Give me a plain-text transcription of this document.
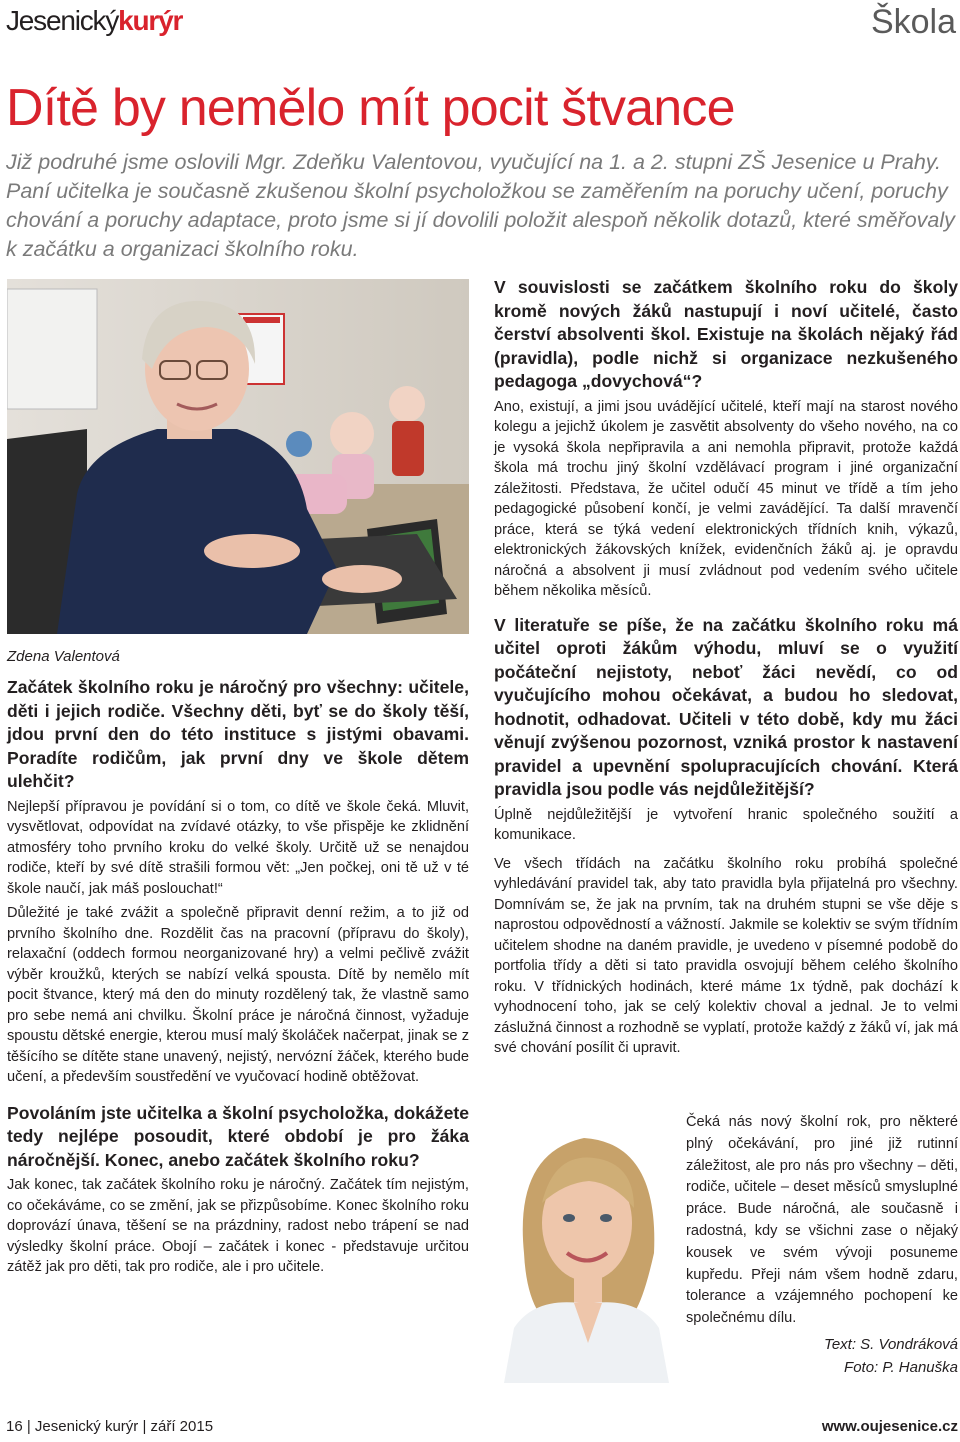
Jesenickýkurýr	Škola
Dítě by nemělo mít pocit štvance

Již podruhé jsme oslovili Mgr. Zdeňku Valentovou, vyučující na 1. a 2. stupni ZŠ Jesenice u Prahy. Paní učitelka je současně zkušenou školní psycholožkou se zaměřením na poruchy učení, poruchy chování a poruchy adaptace, proto jsme si jí dovolili položit alespoň několik dotazů, které směřovaly k začátku a organizaci školního roku.

Zdena Valentová
Začátek školního roku je náročný pro všechny: učitele, děti i jejich rodiče. Všechny děti, byť se do školy těší, jdou první den do této instituce s jistými obavami. Poradíte rodičům, jak první dny ve škole dětem ulehčit?

Nejlepší přípravou je povídání si o tom, co dítě ve škole čeká. Mluvit, vysvětlovat, odpovídat na zvídavé otázky, to vše přispěje ke zklidnění atmosféry toho prvního kroku do velké školy. Určitě už se nenajdou rodiče, kteří by své dítě strašili formou vět: „Jen počkej, oni tě už v té škole naučí, jak máš poslouchat!“

Důležité je také zvážit a společně připravit denní režim, a to již od prvního školního dne. Rozdělit čas na pracovní (přípravu do školy), relaxační (oddech formou neorganizované hry) a velmi pečlivě zvážit výběr kroužků, kterých se nabízí velká spousta. Dítě by nemělo mít pocit štvance, který má den do minuty rozdělený tak, že vlastně samo pro sebe nemá ani chvilku. Školní práce je náročná činnost, vyžaduje spoustu dětské energie, kterou musí malý školáček načerpat, jinak se z těšícího se dítěte stane unavený, nejistý, nervózní žáček, kterého bude učení, a především soustředění ve vyučovací hodině obtěžovat.

Povoláním jste učitelka a školní psycholožka, dokážete tedy nejlépe posoudit, které období je pro žáka náročnější. Konec, anebo začátek školního roku?

Jak konec, tak začátek školního roku je náročný. Začátek tím nejistým, co očekáváme, co se změní, jak se přizpůsobíme. Konec školního roku doprovází únava, těšení se na prázdniny, radost nebo trápení se nad výsledky školní práce. Obojí – začátek i konec - představuje určitou zátěž jak pro děti, tak pro rodiče, ale i pro učitele.

V souvislosti se začátkem školního roku do školy kromě nových žáků nastupují i noví učitelé, často čerství absolventi škol. Existuje na školách nějaký řád (pravidla), podle nichž si organizace nezkušeného pedagoga „dovychová“?

Ano, existují, a jimi jsou uvádějící učitelé, kteří mají na starost nového kolegu a jejichž úkolem je zasvětit absolventy do všeho nového, na co je vysoká škola nepřipravila a ani nemohla připravit, protože každá škola má trochu jiný školní vzdělávací program i jiné organizační záležitosti. Představa, že učitel odučí 45 minut ve třídě a tím jeho pedagogické působení končí, je velmi zavádějící. Ta další mravenčí práce, která se týká vedení elektronických třídních knih, výkazů, elektronických žákovských knížek, evidenčních žáků aj. je opravdu náročná a absolvent ji musí zvládnout pod vedením svého učitele během několika měsíců.

V literatuře se píše, že na začátku školního roku má učitel oproti žákům výhodu, mluví se o využití počáteční nejistoty, neboť žáci nevědí, co od vyučujícího mohou očekávat, a budou ho sledovat, hodnotit, odhadovat. Učiteli v této době, kdy mu žáci věnují zvýšenou pozornost, vzniká prostor k nastavení pravidel a upevnění spolupracujících chování. Která pravidla jsou podle vás nejdůležitější?

Úplně nejdůležitější je vytvoření hranic společného soužití a komunikace.

Ve všech třídách na začátku školního roku probíhá společné vyhledávání pravidel tak, aby tato pravidla byla přijatelná pro všechny. Domnívám se, že jak na prvním, tak na druhém stupni se vše děje s naprostou odpovědností a vážností. Jakmile se kolektiv se svým třídním učitelem shodne na daném pravidle, je uvedeno v písemné podobě do portfolia třídy a děti si tato pravidla osvojují během celého školního roku. V třídnických hodinách, které máme 1x týdně, pak dochází k vyhodnocení toho, jak se celý kolektiv choval a jednal. Je to velmi záslužná činnost a rozhodně se vyplatí, protože každý z žáků ví, jak má své chování posílit či upravit.

Čeká nás nový školní rok, pro některé plný očekávání, pro jiné již rutinní záležitost, ale pro nás pro všechny – děti, rodiče, učitele – deset měsíců smysluplné práce. Bude náročná, ale současně i radostná, kdy se všichni zase o nějaký kousek ve svém vývoji posuneme kupředu. Přeji nám všem hodně zdaru, tolerance a vzájemného pochopení ke společnému dílu.

Text: S. Vondráková
Foto: P. Hanuška
16 | Jesenický kurýr | září 2015	www.oujesenice.cz
